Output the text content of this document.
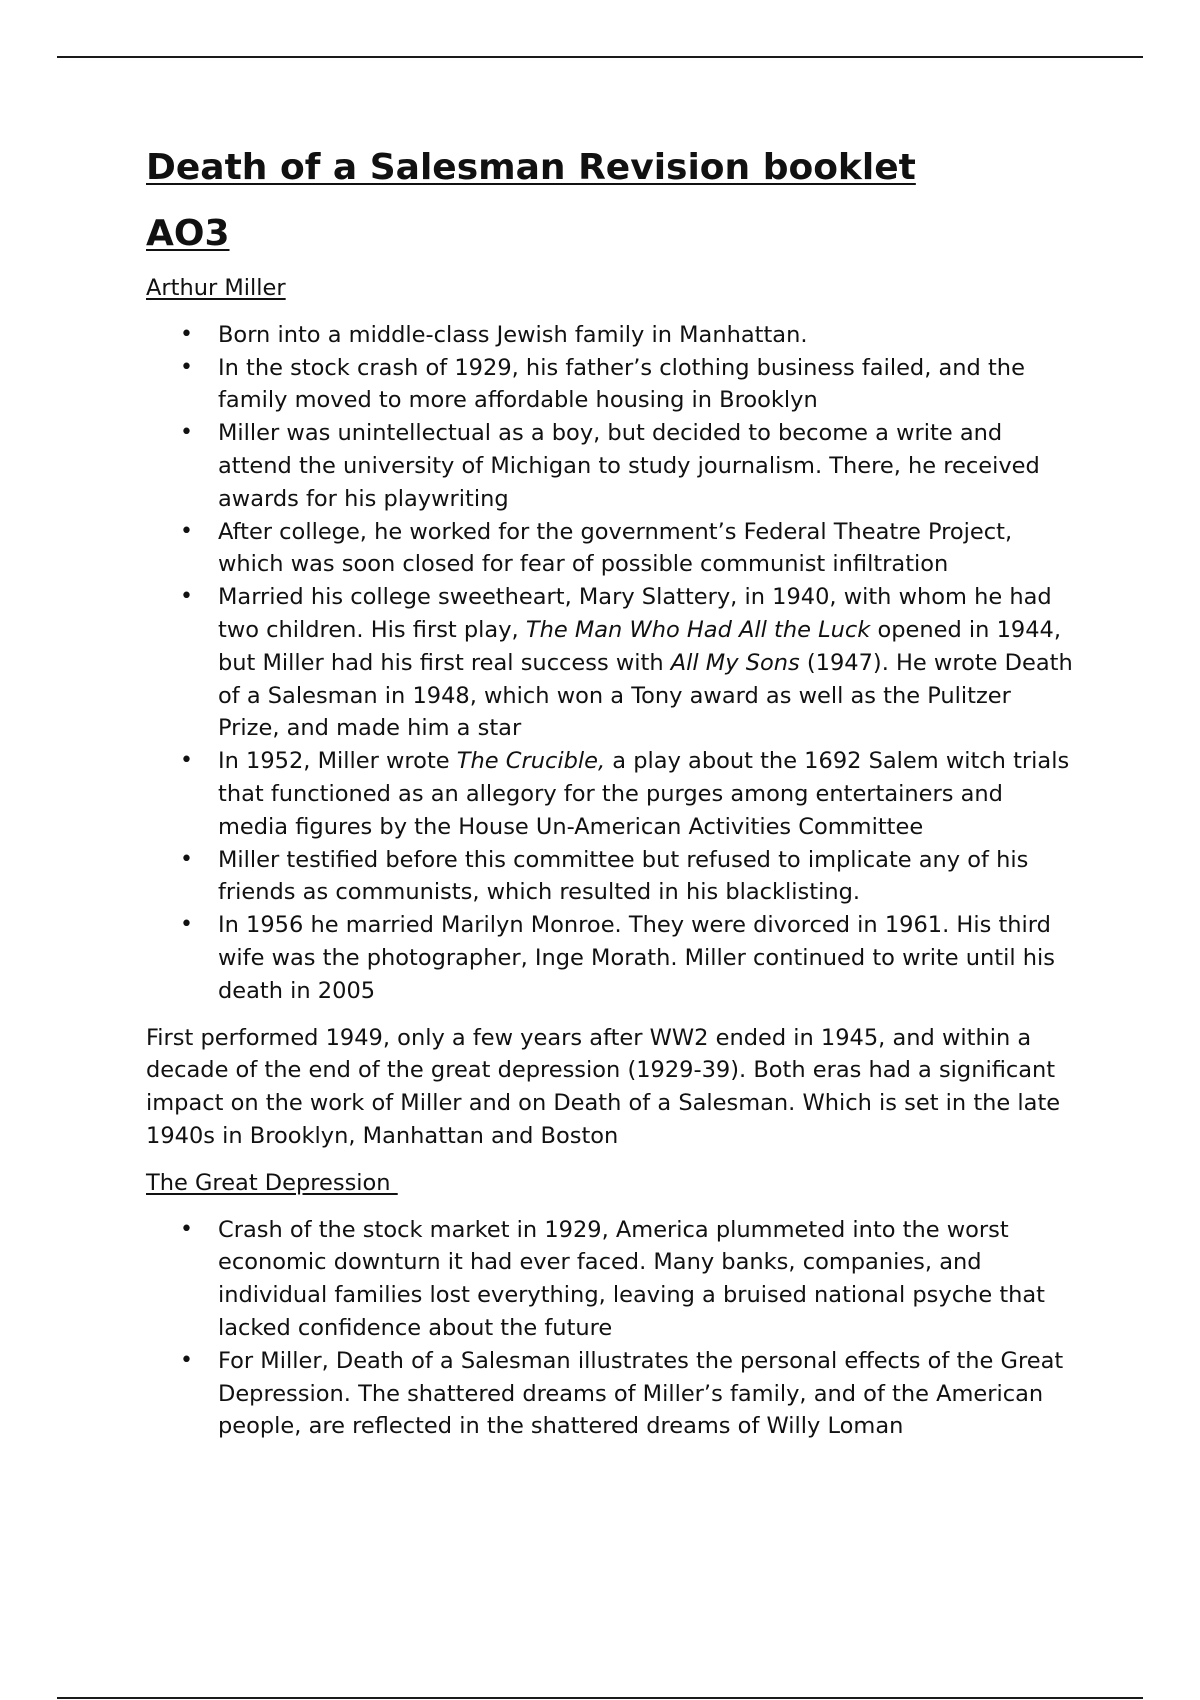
Death of a Salesman Revision booklet
AO3
Arthur Miller
• Born into a middle-class Jewish family in Manhattan.
• In the stock crash of 1929, his father’s clothing business failed, and the family moved to more affordable housing in Brooklyn
• Miller was unintellectual as a boy, but decided to become a write and attend the university of Michigan to study journalism. There, he received awards for his playwriting
• After college, he worked for the government’s Federal Theatre Project, which was soon closed for fear of possible communist infiltration
• Married his college sweetheart, Mary Slattery, in 1940, with whom he had two children. His first play, The Man Who Had All the Luck opened in 1944, but Miller had his first real success with All My Sons (1947). He wrote Death of a Salesman in 1948, which won a Tony award as well as the Pulitzer Prize, and made him a star
• In 1952, Miller wrote The Crucible, a play about the 1692 Salem witch trials that functioned as an allegory for the purges among entertainers and media figures by the House Un-American Activities Committee
• Miller testified before this committee but refused to implicate any of his friends as communists, which resulted in his blacklisting.
• In 1956 he married Marilyn Monroe. They were divorced in 1961. His third wife was the photographer, Inge Morath. Miller continued to write until his death in 2005

First performed 1949, only a few years after WW2 ended in 1945, and within a decade of the end of the great depression (1929-39). Both eras had a significant impact on the work of Miller and on Death of a Salesman. Which is set in the late 1940s in Brooklyn, Manhattan and Boston

The Great Depression
• Crash of the stock market in 1929, America plummeted into the worst economic downturn it had ever faced. Many banks, companies, and individual families lost everything, leaving a bruised national psyche that lacked confidence about the future
• For Miller, Death of a Salesman illustrates the personal effects of the Great Depression. The shattered dreams of Miller’s family, and of the American people, are reflected in the shattered dreams of Willy Loman
